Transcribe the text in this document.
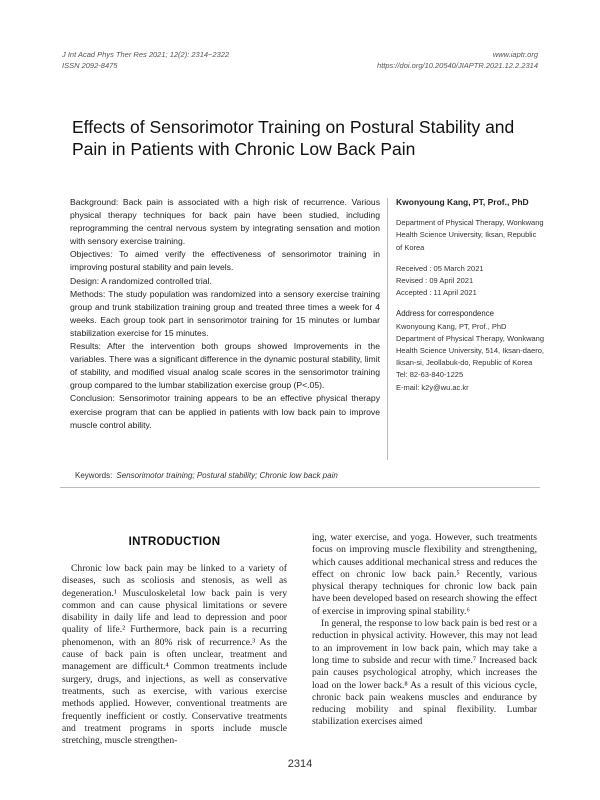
J Int Acad Phys Ther Res 2021; 12(2): 2314~2322
ISSN 2092-8475
www.iaptr.org
https://doi.org/10.20540/JIAPTR.2021.12.2.2314
Effects of Sensorimotor Training on Postural Stability and
Pain in Patients with Chronic Low Back Pain

Background: Back pain is associated with a high risk of recurrence. Various physical therapy techniques for back pain have been studied, including reprogramming the central nervous system by integrating sensation and motion with sensory exercise training.

Objectives: To aimed verify the effectiveness of sensorimotor training in improving postural stability and pain levels.

Design: A randomized controlled trial.

Methods: The study population was randomized into a sensory exercise training group and trunk stabilization training group and treated three times a week for 4 weeks. Each group took part in sensorimotor training for 15 minutes or lumbar stabilization exercise for 15 minutes.

Results: After the intervention both groups showed Improvements in the variables. There was a significant difference in the dynamic postural stability, limit of stability, and modified visual analog scale scores in the sensorimotor training group compared to the lumbar stabilization exercise group (P<.05).

Conclusion: Sensorimotor training appears to be an effective physical therapy exercise program that can be applied in patients with low back pain to improve muscle control ability.

Kwonyoung Kang, PT, Prof., PhD
Department of Physical Therapy, Wonkwang Health Science University, Iksan, Republic of Korea
Received : 05 March 2021
Revised : 09 April 2021
Accepted : 11 April 2021
Address for correspondence
Kwonyoung Kang, PT, Prof., PhD
Department of Physical Therapy, Wonkwang Health Science University, 514, Iksan-daero, Iksan-si, Jeollabuk-do, Republic of Korea
Tel: 82-63-840-1225
E-mail: k2y@wu.ac.kr
Keywords: Sensorimotor training; Postural stability; Chronic low back pain
INTRODUCTION

Chronic low back pain may be linked to a variety of diseases, such as scoliosis and stenosis, as well as degeneration.¹ Musculoskeletal low back pain is very common and can cause physical limitations or severe disability in daily life and lead to depression and poor quality of life.² Furthermore, back pain is a recurring phenomenon, with an 80% risk of recurrence.³ As the cause of back pain is often unclear, treatment and management are difficult.⁴ Common treatments include surgery, drugs, and injections, as well as conservative treatments, such as exercise, with various exercise methods applied. However, conventional treatments are frequently inefficient or costly. Conservative treatments and treatment programs in sports include muscle stretching, muscle strengthen-

ing, water exercise, and yoga. However, such treatments focus on improving muscle flexibility and strengthening, which causes additional mechanical stress and reduces the effect on chronic low back pain.⁵ Recently, various physical therapy techniques for chronic low back pain have been developed based on research showing the effect of exercise in improving spinal stability.⁶

In general, the response to low back pain is bed rest or a reduction in physical activity. However, this may not lead to an improvement in low back pain, which may take a long time to subside and recur with time.⁷ Increased back pain causes psychological atrophy, which increases the load on the lower back.⁸ As a result of this vicious cycle, chronic back pain weakens muscles and endurance by reducing mobility and spinal flexibility. Lumbar stabilization exercises aimed

2314
